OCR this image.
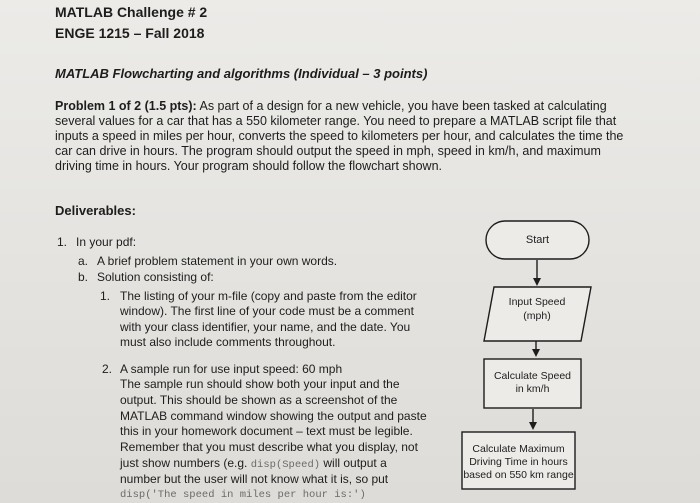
MATLAB Challenge # 2
ENGE 1215 – Fall 2018
MATLAB Flowcharting and algorithms (Individual – 3 points)
Problem 1 of 2 (1.5 pts): As part of a design for a new vehicle, you have been tasked at calculating
several values for a car that has a 550 kilometer range. You need to prepare a MATLAB script file that
inputs a speed in miles per hour, converts the speed to kilometers per hour, and calculates the time the
car can drive in hours. The program should output the speed in mph, speed in km/h, and maximum
driving time in hours. Your program should follow the flowchart shown.
Deliverables:
1. In your pdf:
a. A brief problem statement in your own words.
b. Solution consisting of:
1. The listing of your m-file (copy and paste from the editor
window). The first line of your code must be a comment
with your class identifier, your name, and the date. You
must also include comments throughout.
2. A sample run for use input speed: 60 mph
The sample run should show both your input and the
output. This should be shown as a screenshot of the
MATLAB command window showing the output and paste
this in your homework document – text must be legible.
Remember that you must describe what you display, not
just show numbers (e.g. disp(Speed) will output a
number but the user will not know what it is, so put
disp('The speed in miles per hour is:')
Start
Input Speed
(mph)
Calculate Speed
in km/h
Calculate Maximum
Driving Time in hours
based on 550 km range
